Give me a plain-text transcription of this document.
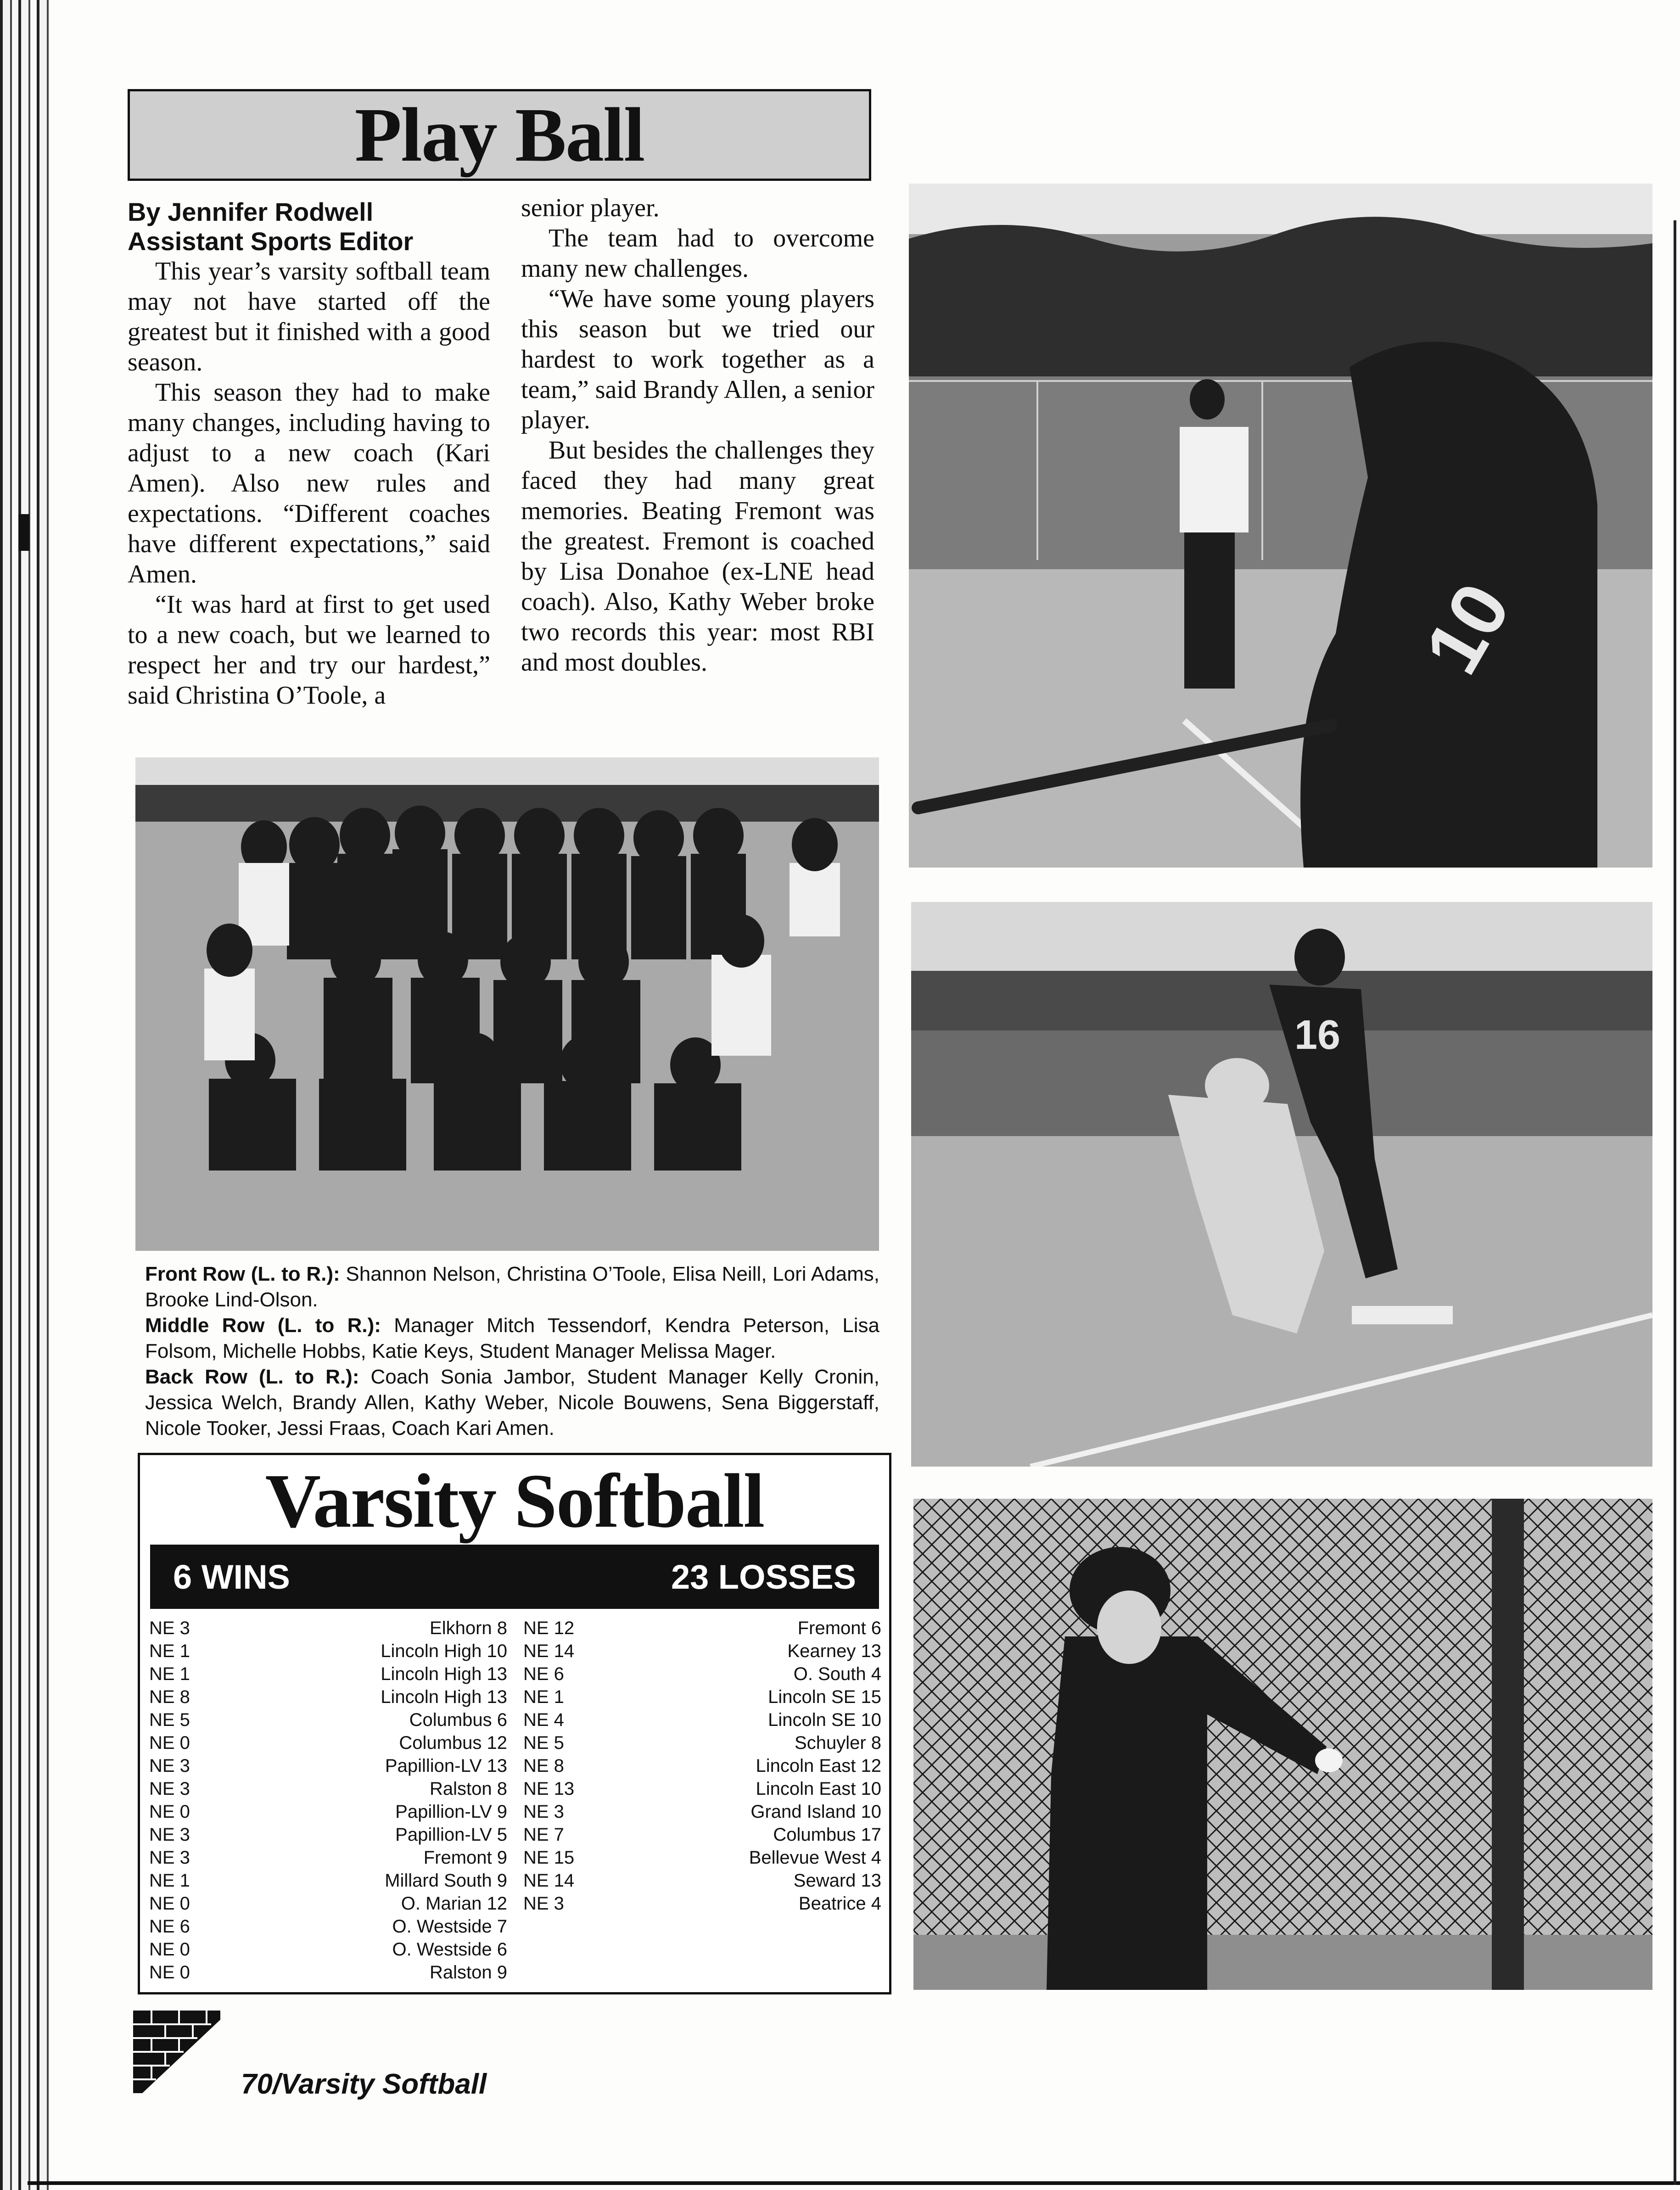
Play Ball
By Jennifer Rodwell
Assistant Sports Editor

This year’s varsity softball team may not have started off the greatest but it finished with a good season.

This season they had to make many changes, including having to adjust to a new coach (Kari Amen). Also new rules and expectations. “Different coaches have different expectations,” said Amen.

“It was hard at first to get used to a new coach, but we learned to respect her and try our hardest,” said Christina O’Toole, a

senior player.

The team had to overcome many new challenges.

“We have some young players this season but we tried our hardest to work together as a team,” said Brandy Allen, a senior player.

But besides the challenges they faced they had many great memories. Beating Fremont was the greatest. Fremont is coached by Lisa Donahoe (ex-LNE head coach). Also, Kathy Weber broke two records this year: most RBI and most doubles.	10
16

Front Row (L. to R.): Shannon Nelson, Christina O’Toole, Elisa Neill, Lori Adams, Brooke Lind-Olson.

Middle Row (L. to R.): Manager Mitch Tessendorf, Kendra Peterson, Lisa Folsom, Michelle Hobbs, Katie Keys, Student Manager Melissa Mager.

Back Row (L. to R.): Coach Sonia Jambor, Student Manager Kelly Cronin, Jessica Welch, Brandy Allen, Kathy Weber, Nicole Bouwens, Sena Biggerstaff, Nicole Tooker, Jessi Fraas, Coach Kari Amen.

Varsity Softball
6 WINS	23 LOSSES
NE 3	Elkhorn 8
NE 1	Lincoln High 10
NE 1	Lincoln High 13
NE 8	Lincoln High 13
NE 5	Columbus 6
NE 0	Columbus 12
NE 3	Papillion-LV 13
NE 3	Ralston 8
NE 0	Papillion-LV 9
NE 3	Papillion-LV 5
NE 3	Fremont 9
NE 1	Millard South 9
NE 0	O. Marian 12
NE 6	O. Westside 7
NE 0	O. Westside 6
NE 0	Ralston 9
NE 12	Fremont 6
NE 14	Kearney 13
NE 6	O. South 4
NE 1	Lincoln SE 15
NE 4	Lincoln SE 10
NE 5	Schuyler 8
NE 8	Lincoln East 12
NE 13	Lincoln East 10
NE 3	Grand Island 10
NE 7	Columbus 17
NE 15	Bellevue West 4
NE 14	Seward 13
NE 3	Beatrice 4
70/Varsity Softball
